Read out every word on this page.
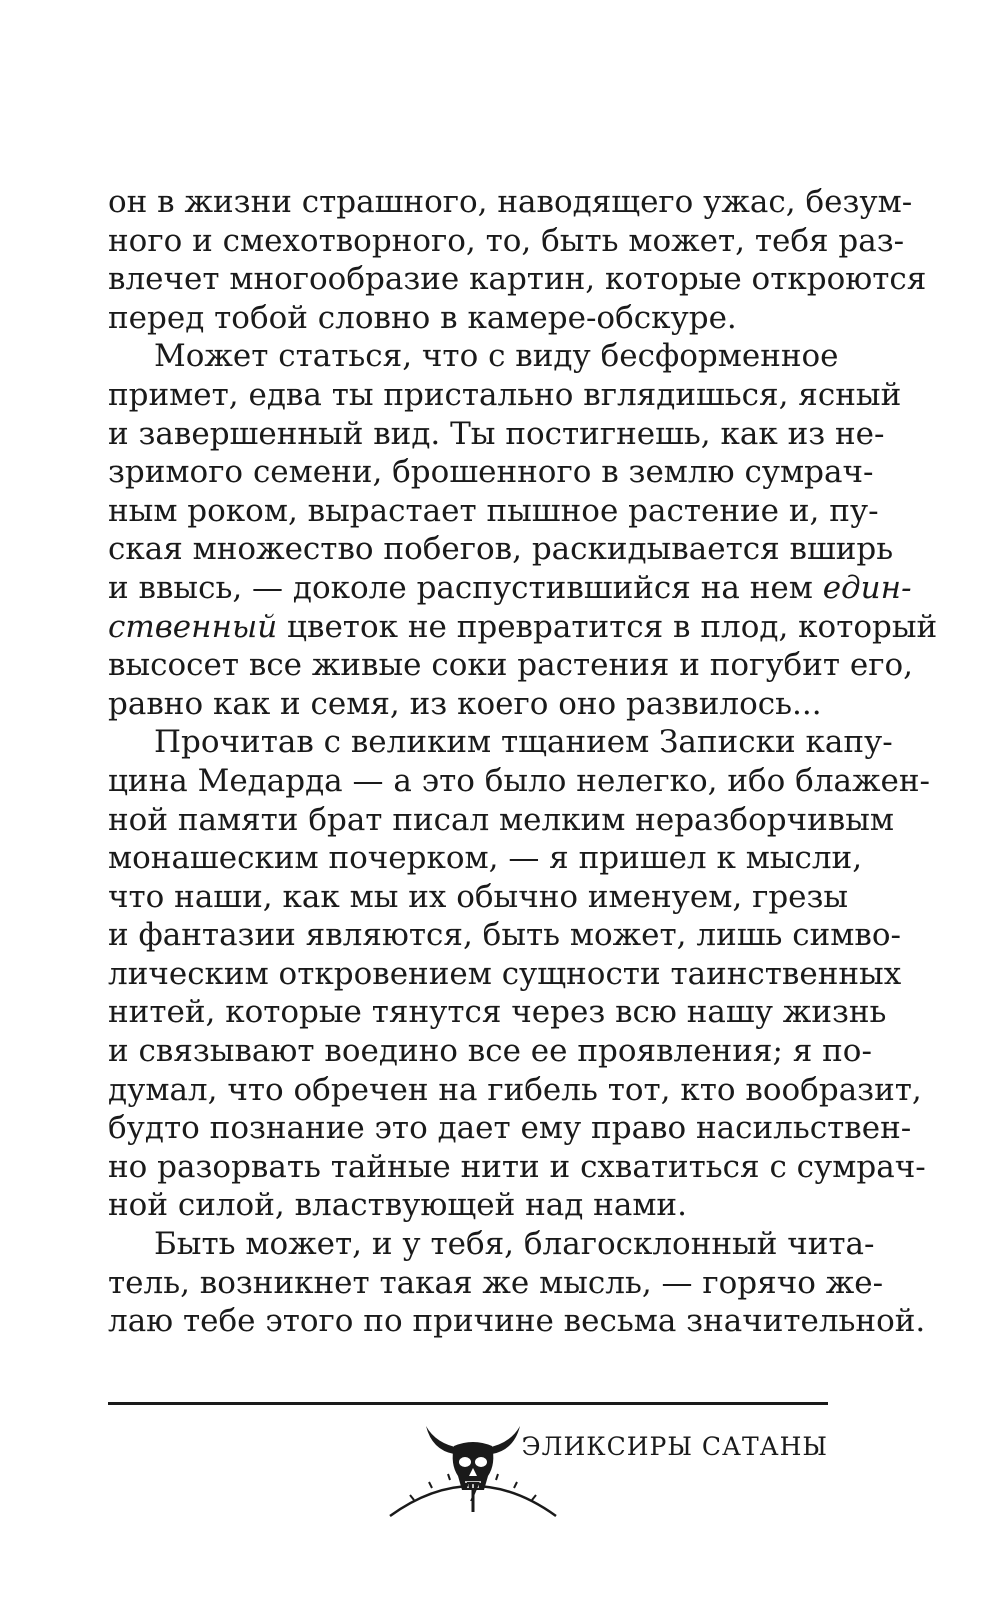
он в жизни страшного, наводящего ужас, безум-
ного и смехотворного, то, быть может, тебя раз-
влечет многообразие картин, которые откроются
перед тобой словно в камере-обскуре.
Может статься, что с виду бесформенное
примет, едва ты пристально вглядишься, ясный
и завершенный вид. Ты постигнешь, как из не-
зримого семени, брошенного в землю сумрач-
ным роком, вырастает пышное растение и, пу-
ская множество побегов, раскидывается вширь
и ввысь, — доколе распустившийся на нем един-
ственный цветок не превратится в плод, который
высосет все живые соки растения и погубит его,
равно как и семя, из коего оно развилось...
Прочитав с великим тщанием Записки капу-
цина Медарда — а это было нелегко, ибо блажен-
ной памяти брат писал мелким неразборчивым
монашеским почерком, — я пришел к мысли,
что наши, как мы их обычно именуем, грезы
и фантазии являются, быть может, лишь симво-
лическим откровением сущности таинственных
нитей, которые тянутся через всю нашу жизнь
и связывают воедино все ее проявления; я по-
думал, что обречен на гибель тот, кто вообразит,
будто познание это дает ему право насильствен-
но разорвать тайные нити и схватиться с сумрач-
ной силой, властвующей над нами.
Быть может, и у тебя, благосклонный чита-
тель, возникнет такая же мысль, — горячо же-
лаю тебе этого по причине весьма значительной.
ЭЛИКСИРЫ САТАНЫ
7
